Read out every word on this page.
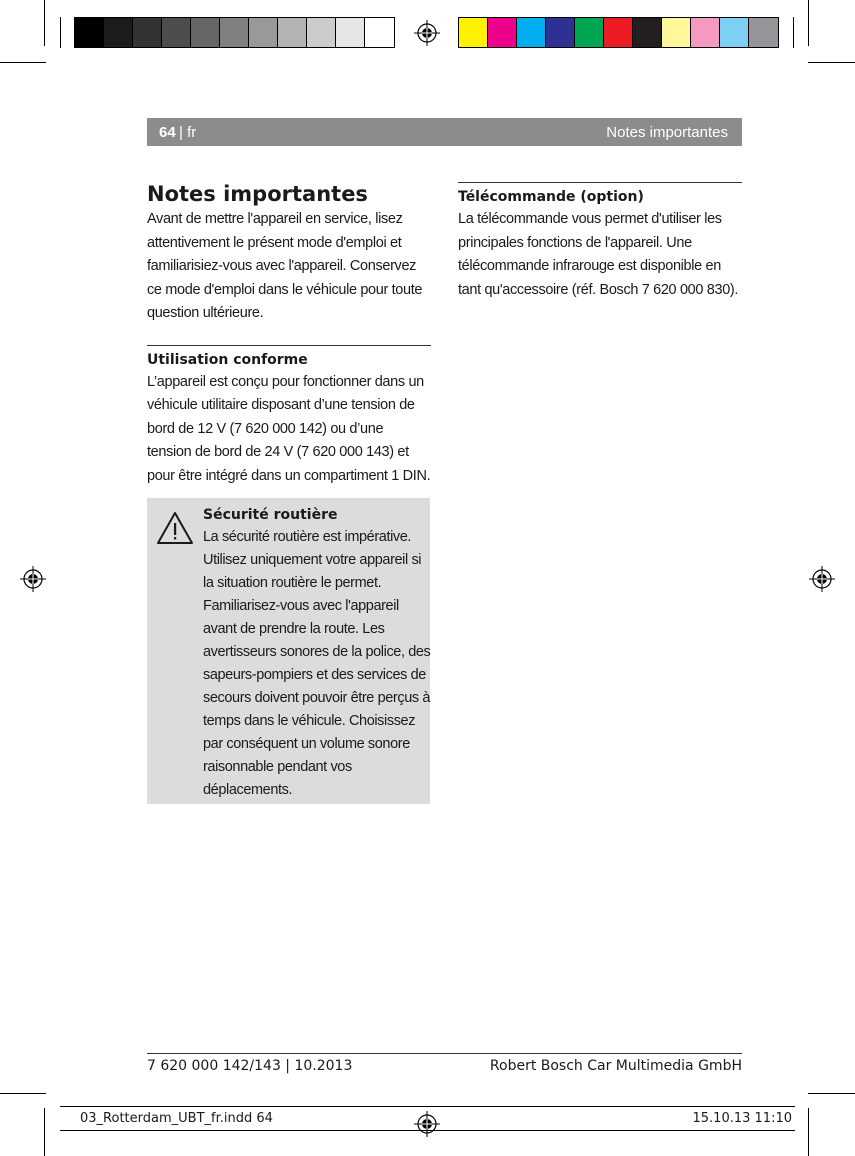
64 | fr	Notes importantes
Notes importantes

Avant de mettre l'appareil en service, lisez attentivement le présent mode d'emploi et familiarisiez-vous avec l'appareil. Conservez ce mode d'emploi dans le véhicule pour toute question ultérieure.

Utilisation conforme

L’appareil est conçu pour fonctionner dans un véhicule utilitaire disposant d’une tension de bord de 12 V (7 620 000 142) ou d’une tension de bord de 24 V (7 620 000 143) et pour être intégré dans un compartiment 1 DIN.

Sécurité routière

La sécurité routière est impérative. Utilisez uniquement votre appareil si la situation routière le permet. Familiarisez-vous avec l'appareil avant de prendre la route. Les avertisseurs sonores de la police, des sapeurs-pompiers et des services de secours doivent pouvoir être perçus à temps dans le véhicule. Choisissez par conséquent un volume sonore raisonnable pendant vos déplacements.

Télécommande (option)

La télécommande vous permet d'utiliser les principales fonctions de l'appareil. Une télécommande infrarouge est disponible en tant qu'accessoire (réf. Bosch 7 620 000 830).

7 620 000 142/143 | 10.2013	Robert Bosch Car Multimedia GmbH
03_Rotterdam_UBT_fr.indd 64	15.10.13 11:10
